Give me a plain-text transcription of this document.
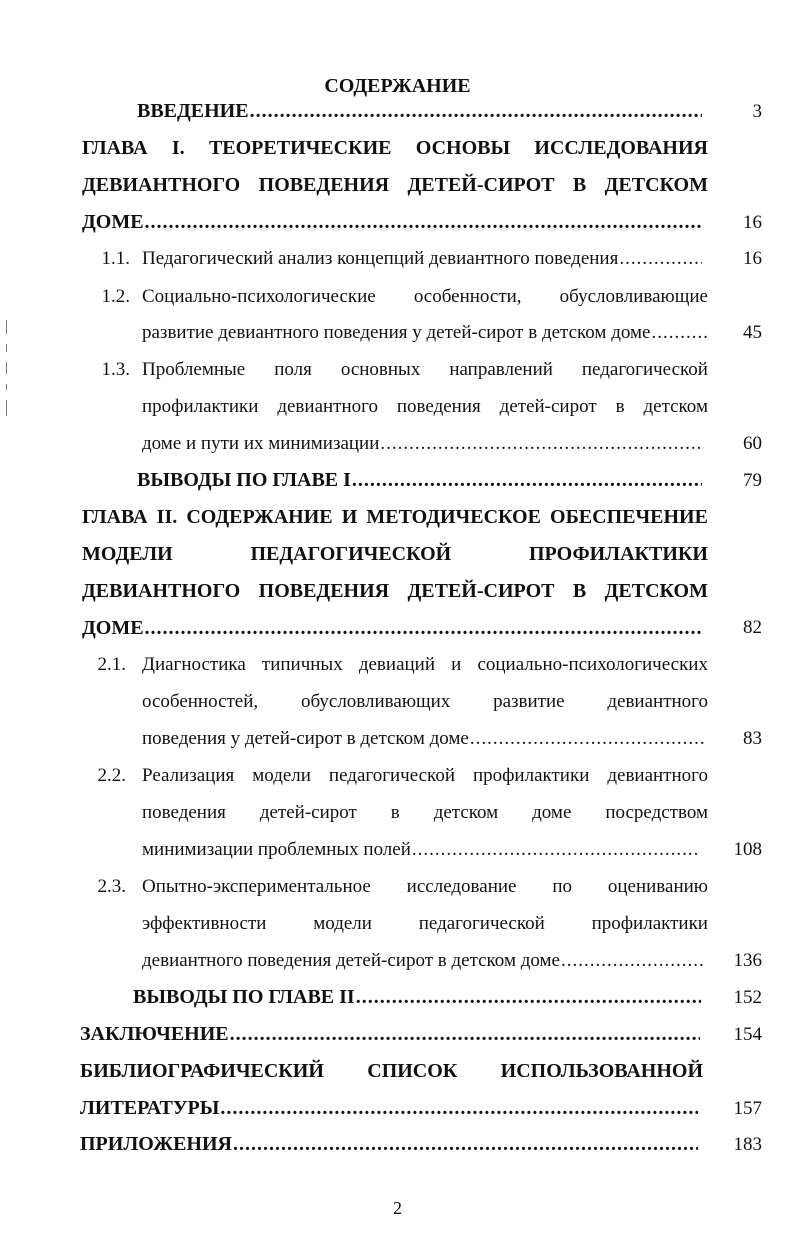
СОДЕРЖАНИЕ
ВВЕДЕНИЕ .....	3
ГЛАВА I. ТЕОРЕТИЧЕСКИЕ ОСНОВЫ ИССЛЕДОВАНИЯ
ДЕВИАНТНОГО ПОВЕДЕНИЯ ДЕТЕЙ-СИРОТ В ДЕТСКОМ
ДОМЕ .....	16
1.1. Педагогический анализ концепций девиантного поведения .....	16
1.2. Социально-психологические особенности, обусловливающие
развитие девиантного поведения у детей-сирот в детском доме .....	45
1.3. Проблемные поля основных направлений педагогической
профилактики девиантного поведения детей-сирот в детском
доме и пути их минимизации .....	60
ВЫВОДЫ ПО ГЛАВЕ I .....	79
ГЛАВА II. СОДЕРЖАНИЕ И МЕТОДИЧЕСКОЕ ОБЕСПЕЧЕНИЕ
МОДЕЛИ	ПЕДАГОГИЧЕСКОЙ	ПРОФИЛАКТИКИ
ДЕВИАНТНОГО ПОВЕДЕНИЯ ДЕТЕЙ-СИРОТ В ДЕТСКОМ
ДОМЕ .....	82
2.1. Диагностика типичных девиаций и социально-психологических
особенностей, обусловливающих развитие девиантного
поведения у детей-сирот в детском доме .....	83
2.2. Реализация модели педагогической профилактики девиантного
поведения детей-сирот в детском доме посредством
минимизации проблемных полей .....	108
2.3. Опытно-экспериментальное исследование по оцениванию
эффективности модели педагогической профилактики
девиантного поведения детей-сирот в детском доме .....	136
ВЫВОДЫ ПО ГЛАВЕ II .....	152
ЗАКЛЮЧЕНИЕ .....	154
БИБЛИОГРАФИЧЕСКИЙ СПИСОК ИСПОЛЬЗОВАННОЙ
ЛИТЕРАТУРЫ .....	157
ПРИЛОЖЕНИЯ .....	183
2
